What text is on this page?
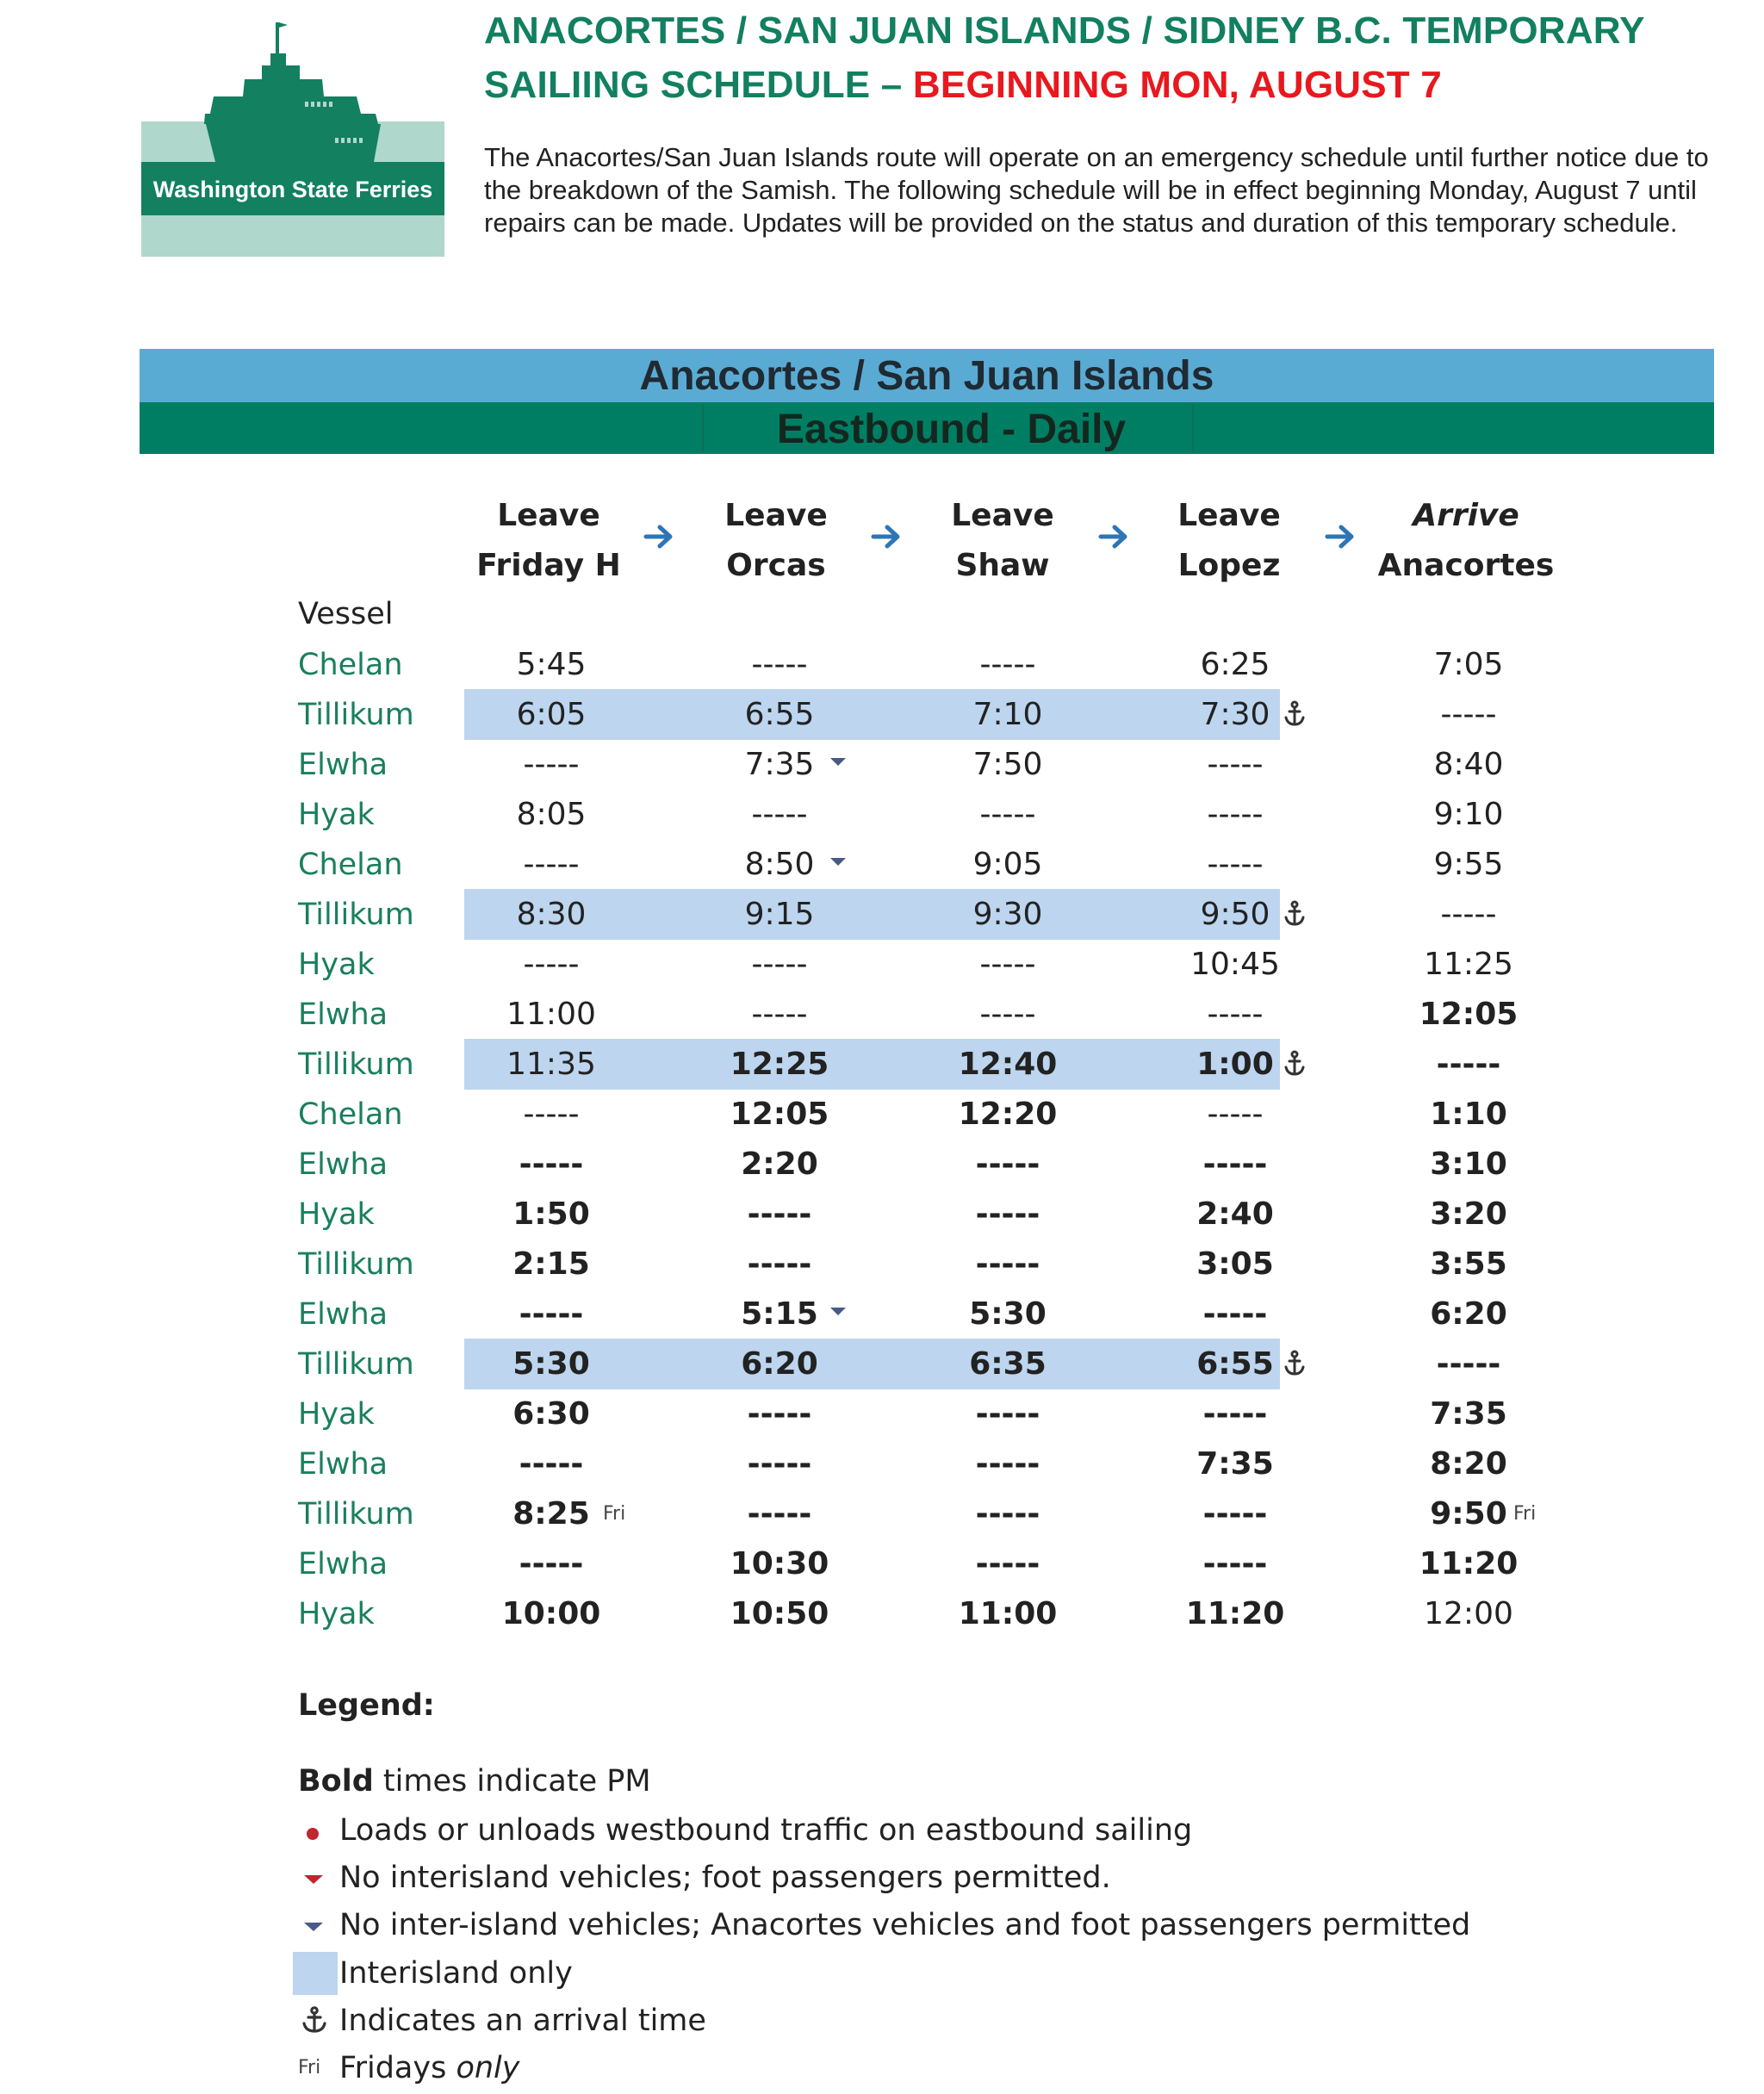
Washington State Ferries
ANACORTES / SAN JUAN ISLANDS / SIDNEY B.C. TEMPORARY
SAILIING SCHEDULE – BEGINNING MON, AUGUST 7
The Anacortes/San Juan Islands route will operate on an emergency schedule until further notice due to the breakdown of the Samish. The following schedule will be in effect beginning Monday, August 7 until repairs can be made. Updates will be provided on the status and duration of this temporary schedule.
Anacortes / San Juan Islands
Eastbound - Daily
Leave
Friday H
Leave
Orcas
Leave
Shaw
Leave
Lopez
Arrive
Anacortes
Vessel
Chelan	5:45	-----	-----	6:25	7:05
Tillikum	6:05	6:55	7:10	7:30	-----
Elwha	-----	7:35	7:50	-----	8:40
Hyak	8:05	-----	-----	-----	9:10
Chelan	-----	8:50	9:05	-----	9:55
Tillikum	8:30	9:15	9:30	9:50	-----
Hyak	-----	-----	-----	10:45	11:25
Elwha	11:00	-----	-----	-----	12:05
Tillikum	11:35	12:25	12:40	1:00	-----
Chelan	-----	12:05	12:20	-----	1:10
Elwha	-----	2:20	-----	-----	3:10
Hyak	1:50	-----	-----	2:40	3:20
Tillikum	2:15	-----	-----	3:05	3:55
Elwha	-----	5:15	5:30	-----	6:20
Tillikum	5:30	6:20	6:35	6:55	-----
Hyak	6:30	-----	-----	-----	7:35
Elwha	-----	-----	-----	7:35	8:20
Tillikum	8:25	-----	-----	-----	9:50
Fri	Fri
Elwha	-----	10:30	-----	-----	11:20
Hyak	10:00	10:50	11:00	11:20	12:00
Legend:
Bold times indicate PM
Loads or unloads westbound traffic on eastbound sailing
No interisland vehicles; foot passengers permitted.
No inter-island vehicles; Anacortes vehicles and foot passengers permitted
Interisland only
Indicates an arrival time
Fri Fridays only
